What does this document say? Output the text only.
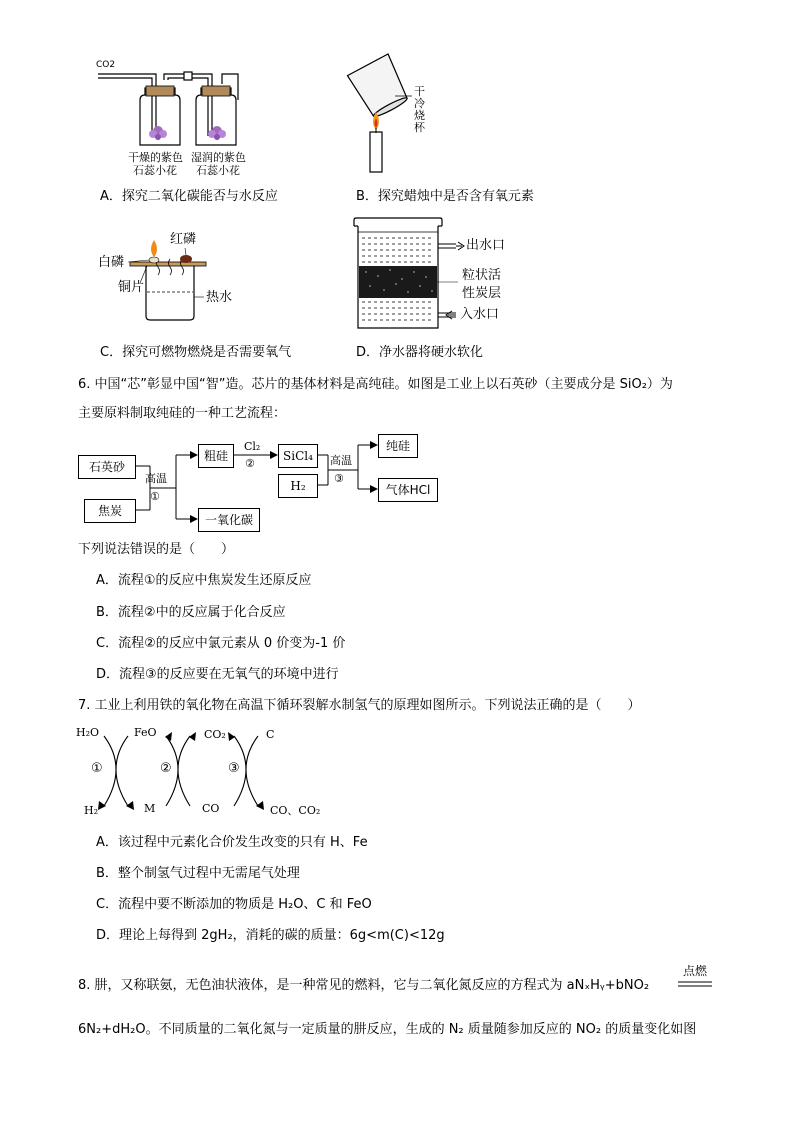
CO2
干燥的紫色
石蕊小花
湿润的紫色
石蕊小花
干
冷
烧
杯
A．探究二氧化碳能否与水反应	B．探究蜡烛中是否含有氧元素
红磷
白磷
铜片
热水
出水口
粒状活
性炭层
入水口
C．探究可燃物燃烧是否需要氧气	D．净水器将硬水软化
6. 中国“芯”彰显中国“智”造。芯片的基体材料是高纯硅。如图是工业上以石英砂（主要成分是 SiO₂）为
主要原料制取纯硅的一种工艺流程：
石英砂
焦炭
高温
①
粗硅
Cl₂
②
SiCl₄
H₂
高温
③
纯硅
气体HCl
一氧化碳
下列说法错误的是（　　）
A．流程①的反应中焦炭发生还原反应
B．流程②中的反应属于化合反应
C．流程②的反应中氯元素从 0 价变为-1 价
D．流程③的反应要在无氧气的环境中进行
7. 工业上利用铁的氧化物在高温下循环裂解水制氢气的原理如图所示。下列说法正确的是（　　）
H₂O	FeO
①
H₂	M
CO₂
②
CO
C
③
CO、CO₂
A．该过程中元素化合价发生改变的只有 H、Fe
B．整个制氢气过程中无需尾气处理
C．流程中要不断添加的物质是 H₂O、C 和 FeO
D．理论上每得到 2gH₂，消耗的碳的质量：6g<m(C)<12g
8. 肼，又称联氨，无色油状液体，是一种常见的燃料，它与二氧化氮反应的方程式为 aNₓHᵧ+bNO₂
点燃
6N₂+dH₂O。不同质量的二氧化氮与一定质量的肼反应，生成的 N₂ 质量随参加反应的 NO₂ 的质量变化如图
